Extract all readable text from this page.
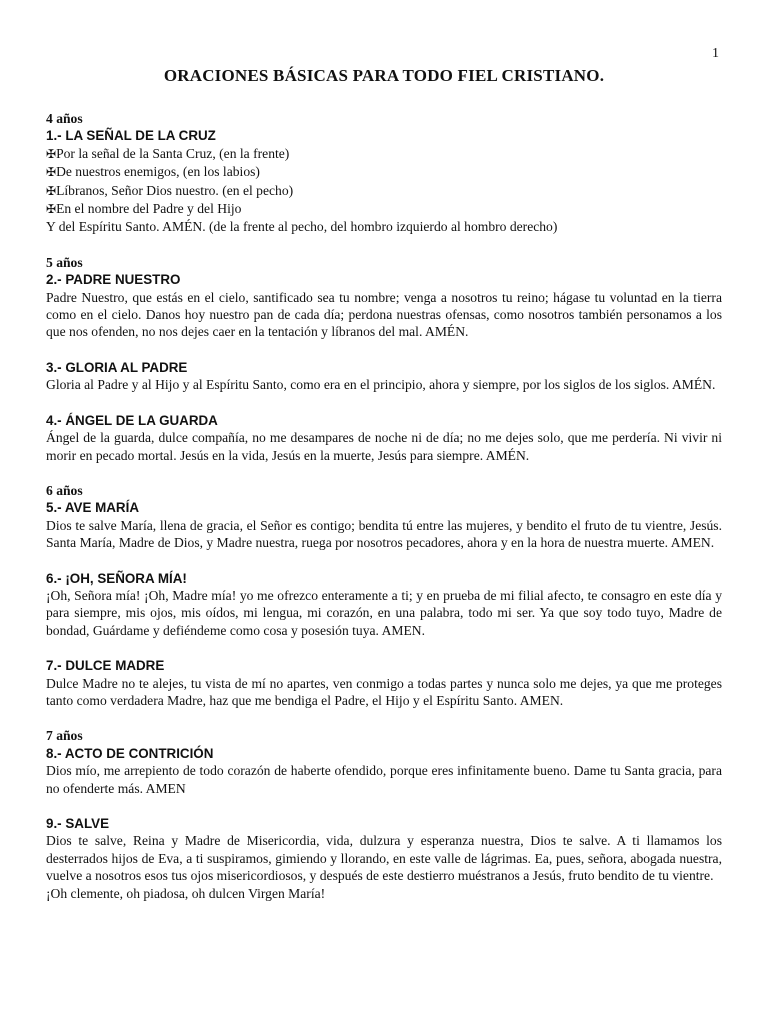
1
ORACIONES BÁSICAS PARA TODO FIEL CRISTIANO.

4 años

1.- LA SEÑAL DE LA CRUZ

✠Por la señal de la Santa Cruz, (en la frente)

✠De nuestros enemigos, (en los labios)

✠Líbranos, Señor Dios nuestro. (en el pecho)

✠En el nombre del Padre y del Hijo

Y del Espíritu Santo. AMÉN. (de la frente al pecho, del hombro izquierdo al hombro derecho)

5 años

2.- PADRE NUESTRO

Padre Nuestro, que estás en el cielo, santificado sea tu nombre; venga a nosotros tu reino; hágase tu voluntad en la tierra como en el cielo. Danos hoy nuestro pan de cada día; perdona nuestras ofensas, como nosotros también personamos a los que nos ofenden, no nos dejes caer en la tentación y líbranos del mal. AMÉN.

3.- GLORIA AL PADRE

Gloria al Padre y al Hijo y al Espíritu Santo, como era en el principio, ahora y siempre, por los siglos de los siglos. AMÉN.

4.- ÁNGEL DE LA GUARDA

Ángel de la guarda, dulce compañía, no me desampares de noche ni de día; no me dejes solo, que me perdería. Ni vivir ni morir en pecado mortal. Jesús en la vida, Jesús en la muerte, Jesús para siempre. AMÉN.

6 años

5.- AVE MARÍA

Dios te salve María, llena de gracia, el Señor es contigo; bendita tú entre las mujeres, y bendito el fruto de tu vientre, Jesús. Santa María, Madre de Dios, y Madre nuestra, ruega por nosotros pecadores, ahora y en la hora de nuestra muerte. AMEN.

6.- ¡OH, SEÑORA MÍA!

¡Oh, Señora mía! ¡Oh, Madre mía! yo me ofrezco enteramente a ti; y en prueba de mi filial afecto, te consagro en este día y para siempre, mis ojos, mis oídos, mi lengua, mi corazón, en una palabra, todo mi ser. Ya que soy todo tuyo, Madre de bondad, Guárdame y defiéndeme como cosa y posesión tuya. AMEN.

7.- DULCE MADRE

Dulce Madre no te alejes, tu vista de mí no apartes, ven conmigo a todas partes y nunca solo me dejes, ya que me proteges tanto como verdadera Madre, haz que me bendiga el Padre, el Hijo y el Espíritu Santo. AMEN.

7 años

8.- ACTO DE CONTRICIÓN

Dios mío, me arrepiento de todo corazón de haberte ofendido, porque eres infinitamente bueno. Dame tu Santa gracia, para no ofenderte más. AMEN

9.- SALVE

Dios te salve, Reina y Madre de Misericordia, vida, dulzura y esperanza nuestra, Dios te salve. A ti llamamos los desterrados hijos de Eva, a ti suspiramos, gimiendo y llorando, en este valle de lágrimas. Ea, pues, señora, abogada nuestra, vuelve a nosotros esos tus ojos misericordiosos, y después de este destierro muéstranos a Jesús, fruto bendito de tu vientre.

¡Oh clemente, oh piadosa, oh dulcen Virgen María!
